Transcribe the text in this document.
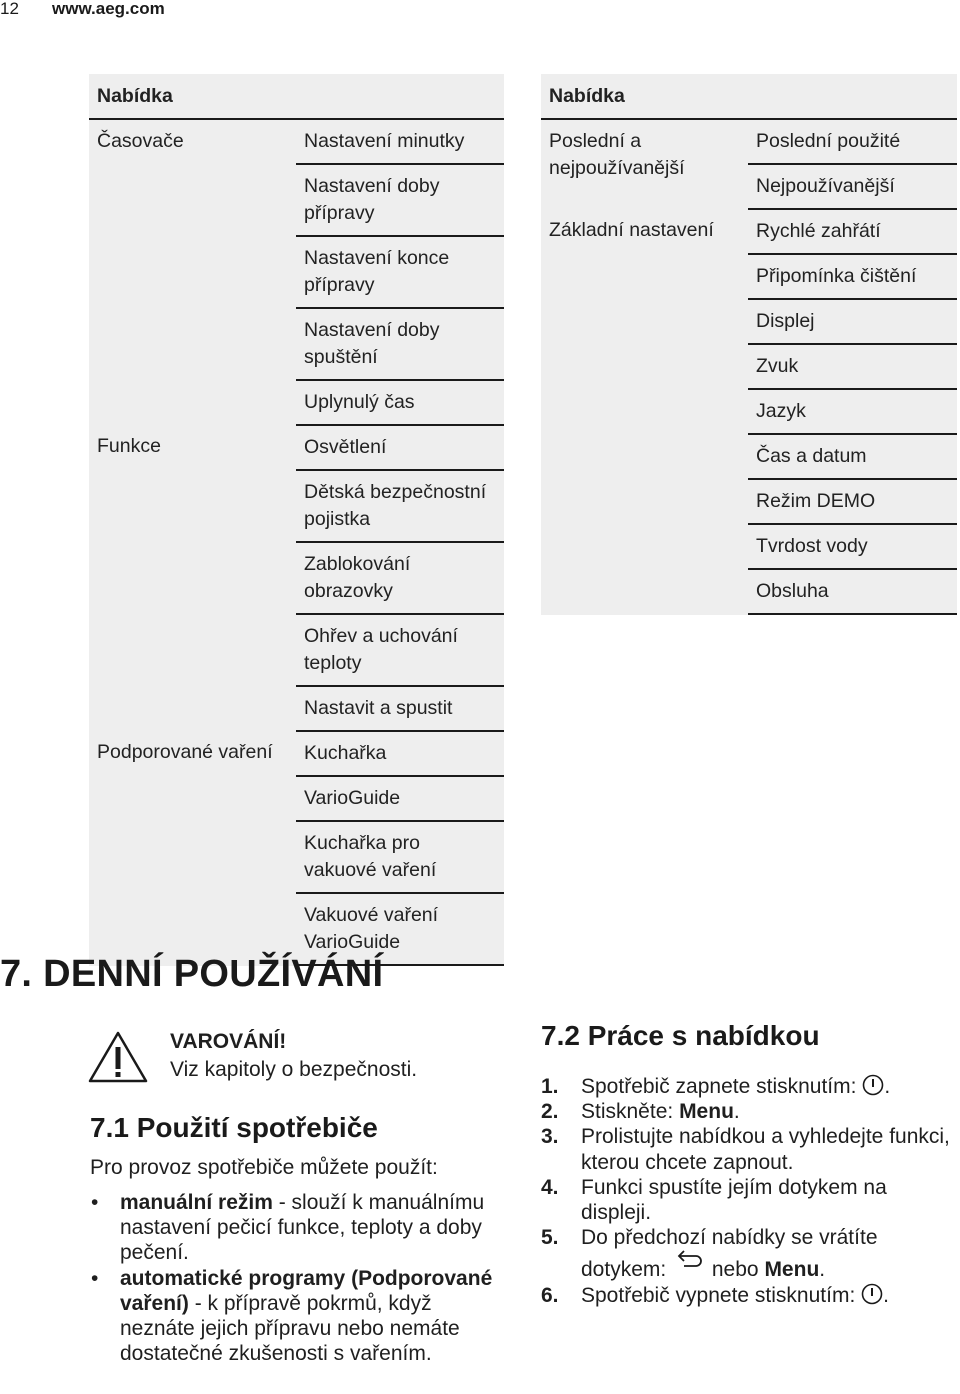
12 www.aeg.com
Nabídka	
Časovače	Nastavení minutky
	Nastavení doby přípravy
	Nastavení konce přípravy
	Nastavení doby spuštění
	Uplynulý čas
Funkce	Osvětlení
	Dětská bezpečnostní pojistka
	Zablokování obrazovky
	Ohřev a uchování teploty
	Nastavit a spustit
Podporované vaření	Kuchařka
	VarioGuide
	Kuchařka pro vakuové vaření
	Vakuové vaření VarioGuide
Nabídka	
Poslední a nejpoužívanější	Poslední použité
	Nejpoužívanější
Základní nastavení	Rychlé zahřátí
	Připomínka čištění
	Displej
	Zvuk
	Jazyk
	Čas a datum
	Režim DEMO
	Tvrdost vody
	Obsluha
7. DENNÍ POUŽÍVÁNÍ
VAROVÁNÍ!
Viz kapitoly o bezpečnosti.
7.1 Použití spotřebiče
Pro provoz spotřebiče můžete použít:
• manuální režim - slouží k manuálnímu nastavení pečicí funkce, teploty a doby pečení.
• automatické programy (Podporované vaření) - k přípravě pokrmů, když neznáte jejich přípravu nebo nemáte dostatečné zkušenosti s vařením.
7.2 Práce s nabídkou
1. Spotřebič zapnete stisknutím: .
2. Stiskněte: Menu.
3. Prolistujte nabídkou a vyhledejte funkci, kterou chcete zapnout.
4. Funkci spustíte jejím dotykem na displeji.
5. Do předchozí nabídky se vrátíte dotykem:  nebo Menu.
6. Spotřebič vypnete stisknutím: .
